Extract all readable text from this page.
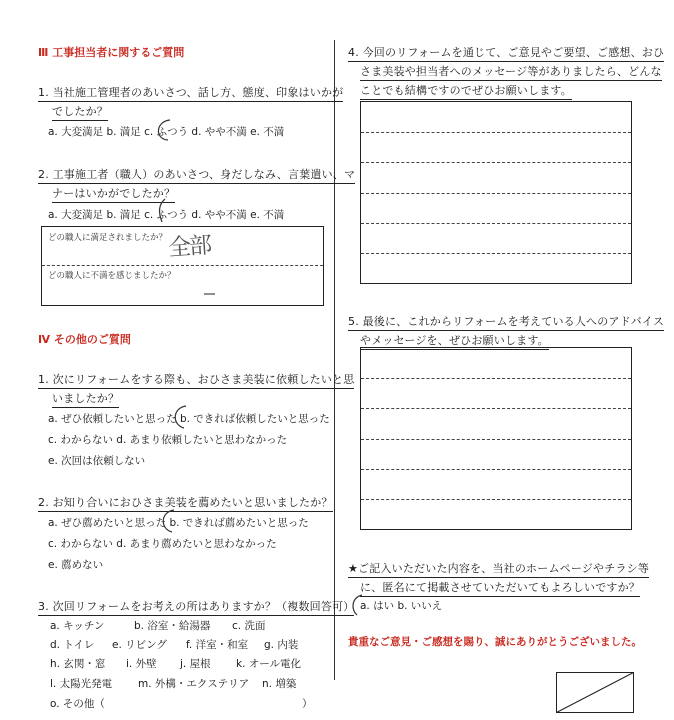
Ⅲ 工事担当者に関するご質問
1. 当社施工管理者のあいさつ、話し方、態度、印象はいかが
でしたか？
a. 大変満足 b. 満足 c. ふつう d. やや不満 e. 不満
2. 工事施工者（職人）のあいさつ、身だしなみ、言葉遣い、マ
ナーはいかがでしたか？
a. 大変満足 b. 満足 c. ふつう d. やや不満 e. 不満
どの職人に満足されましたか？
どの職人に不満を感じましたか？
全部
Ⅳ その他のご質問
1. 次にリフォームをする際も、おひさま美装に依頼したいと思
いましたか？
a. ぜひ依頼したいと思った b. できれば依頼したいと思った
c. わからない d. あまり依頼したいと思わなかった
e. 次回は依頼しない
2. お知り合いにおひさま美装を薦めたいと思いましたか？
a. ぜひ薦めたいと思った b. できれば薦めたいと思った
c. わからない d. あまり薦めたいと思わなかった
e. 薦めない
3. 次回リフォームをお考えの所はありますか？（複数回答可）
a. キッチン	b. 浴室・給湯器 c. 洗面
d. トイレ e. リビング f. 洋室・和室 g. 内装
h. 玄関・窓 i. 外壁 j. 屋根 k. オール電化
l. 太陽光発電 m. 外構・エクステリア n. 増築
o. その他（	）
4. 今回のリフォームを通じて、ご意見やご要望、ご感想、おひ
さま美装や担当者へのメッセージ等がありましたら、どんな
ことでも結構ですのでぜひお願いします。
5. 最後に、これからリフォームを考えている人へのアドバイス
やメッセージを、ぜひお願いします。
★ご記入いただいた内容を、当社のホームページやチラシ等
に、匿名にて掲載させていただいてもよろしいですか？
a. はい b. いいえ
貴重なご意見・ご感想を賜り、誠にありがとうございました。
